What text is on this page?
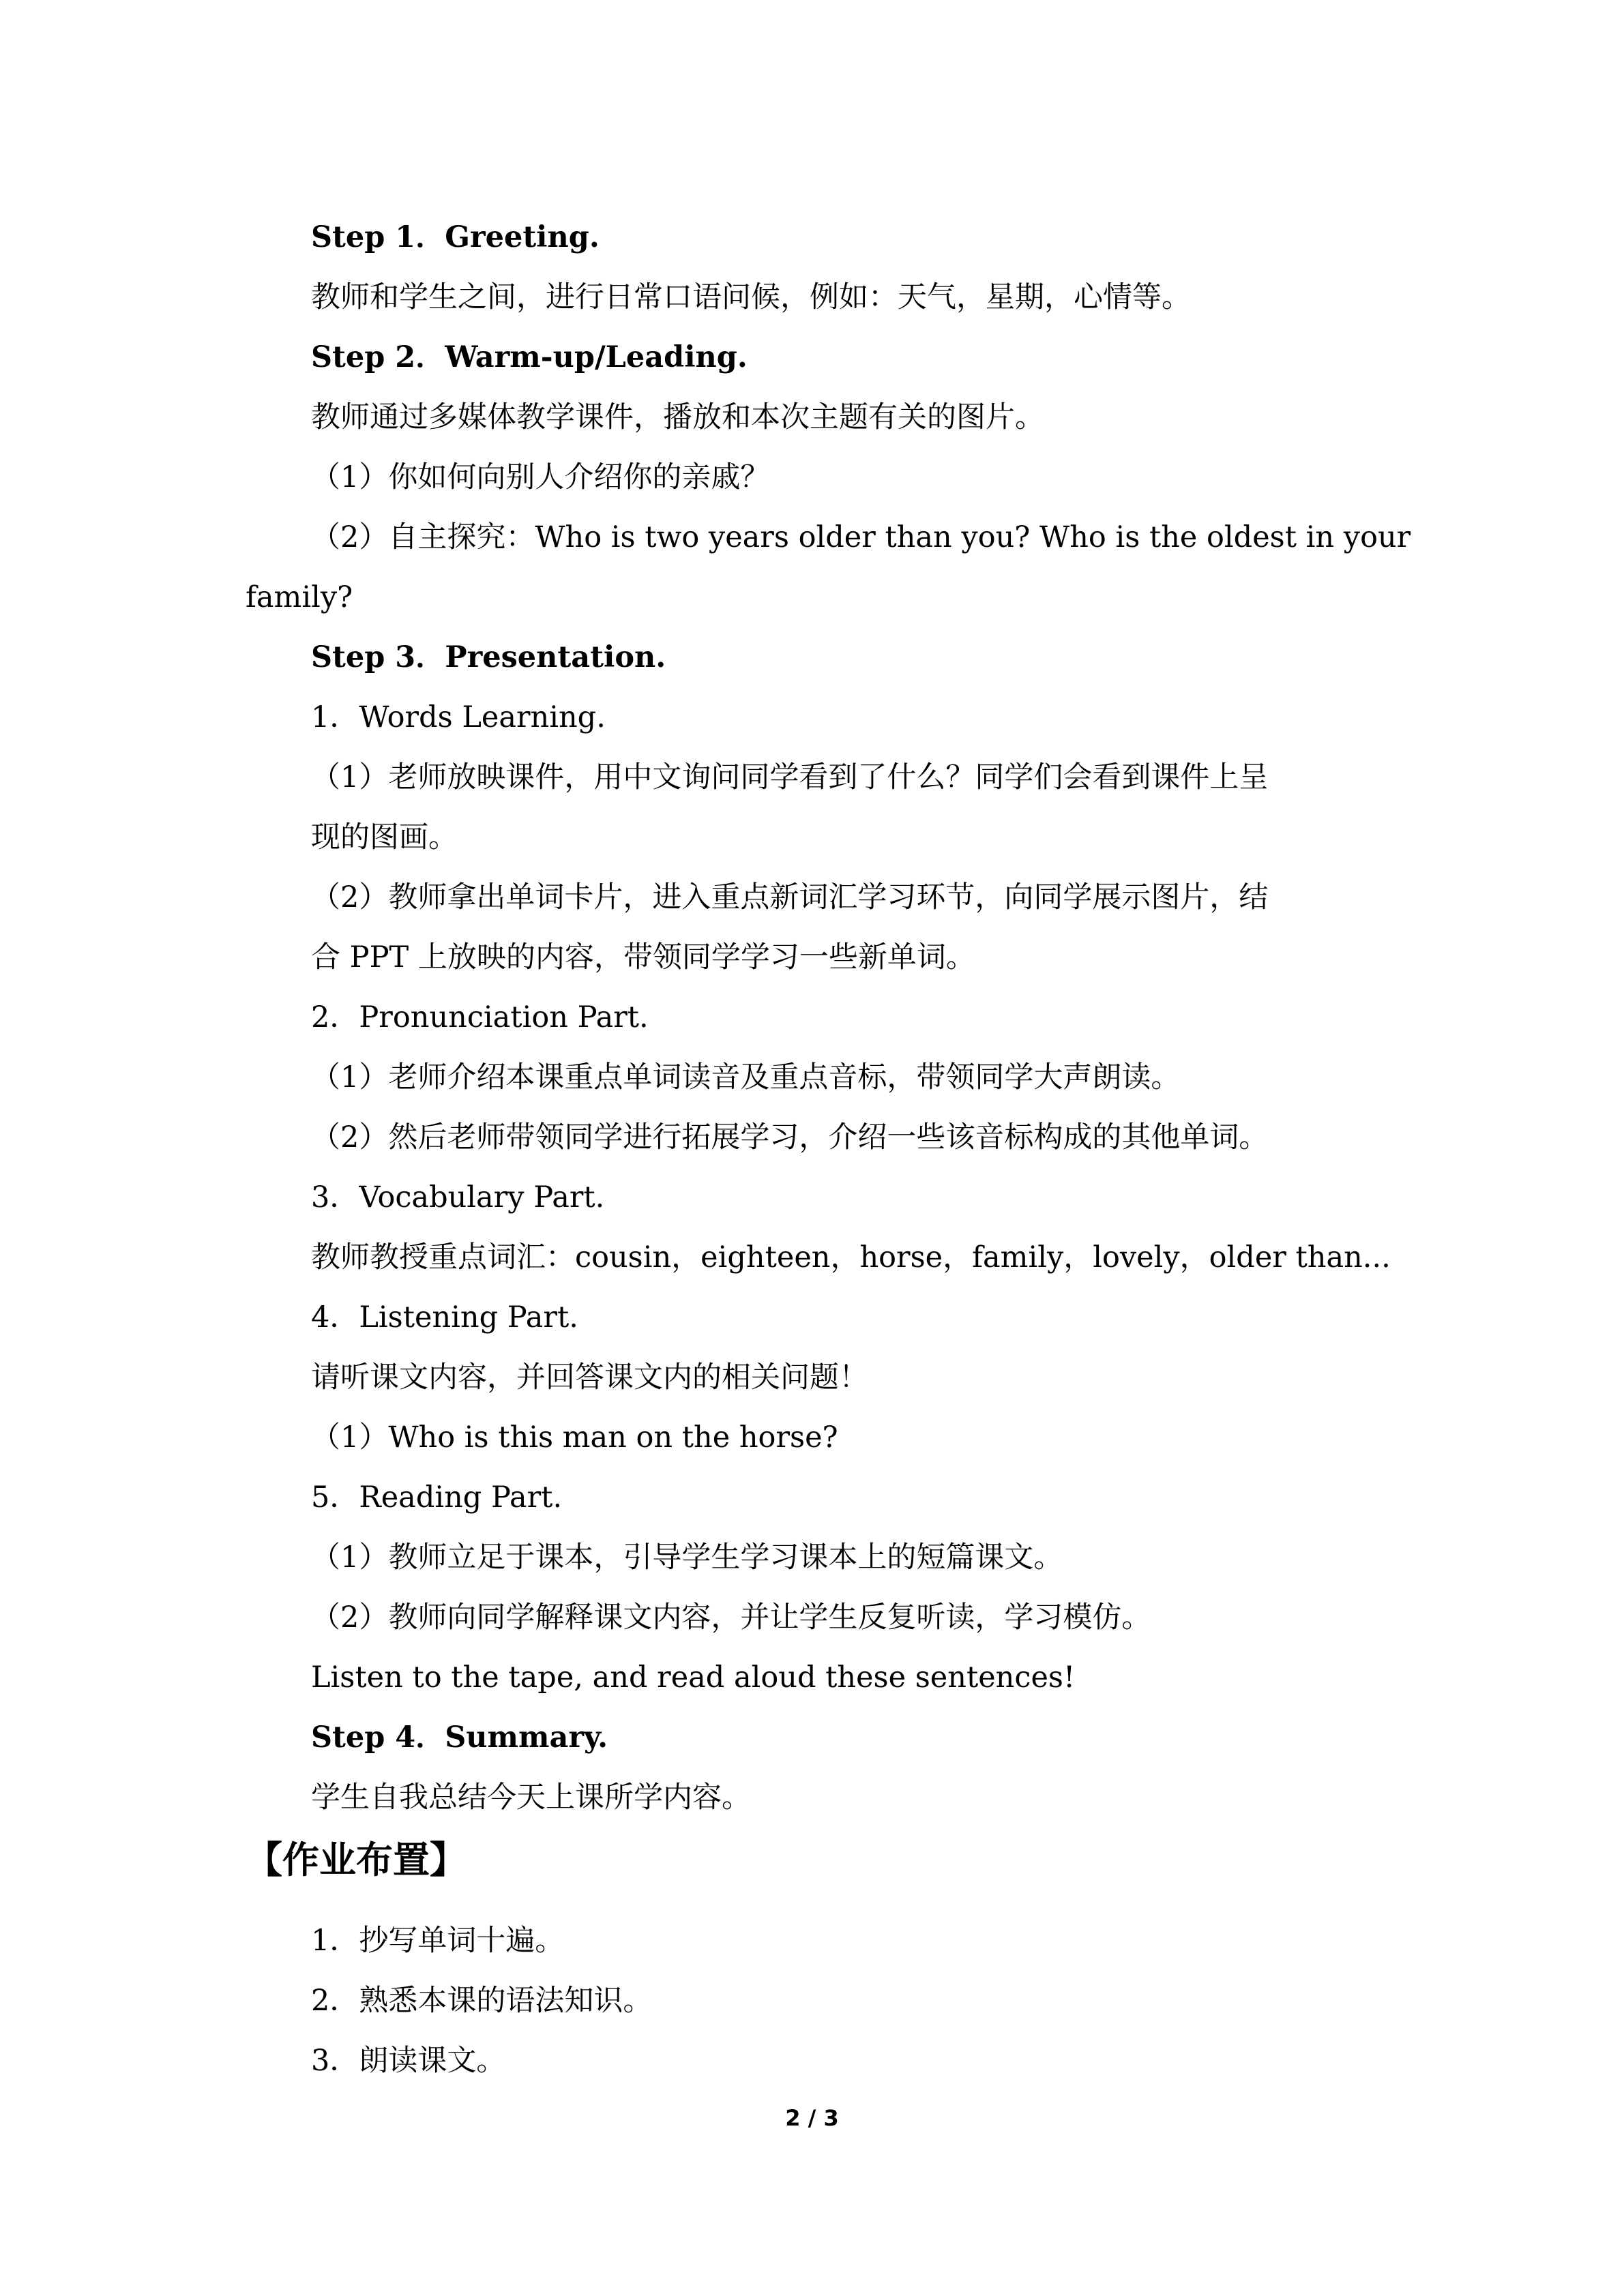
Step 1．Greeting.
教师和学生之间，进行日常口语问候，例如：天气，星期，心情等。
Step 2．Warm-up/Leading.
教师通过多媒体教学课件，播放和本次主题有关的图片。
（1）你如何向别人介绍你的亲戚？
（2）自主探究：Who is two years older than you? Who is the oldest in your
family?
Step 3．Presentation.
1．Words Learning.
（1）老师放映课件，用中文询问同学看到了什么？同学们会看到课件上呈
现的图画。
（2）教师拿出单词卡片，进入重点新词汇学习环节，向同学展示图片，结
合 PPT 上放映的内容，带领同学学习一些新单词。
2．Pronunciation Part.
（1）老师介绍本课重点单词读音及重点音标，带领同学大声朗读。
（2）然后老师带领同学进行拓展学习，介绍一些该音标构成的其他单词。
3．Vocabulary Part.
教师教授重点词汇：cousin，eighteen，horse，family，lovely，older than...
4．Listening Part.
请听课文内容，并回答课文内的相关问题！
（1）Who is this man on the horse?
5．Reading Part.
（1）教师立足于课本，引导学生学习课本上的短篇课文。
（2）教师向同学解释课文内容，并让学生反复听读，学习模仿。
Listen to the tape, and read aloud these sentences!
Step 4．Summary.
学生自我总结今天上课所学内容。
【作业布置】
1．抄写单词十遍。
2．熟悉本课的语法知识。
3．朗读课文。
2 / 3
